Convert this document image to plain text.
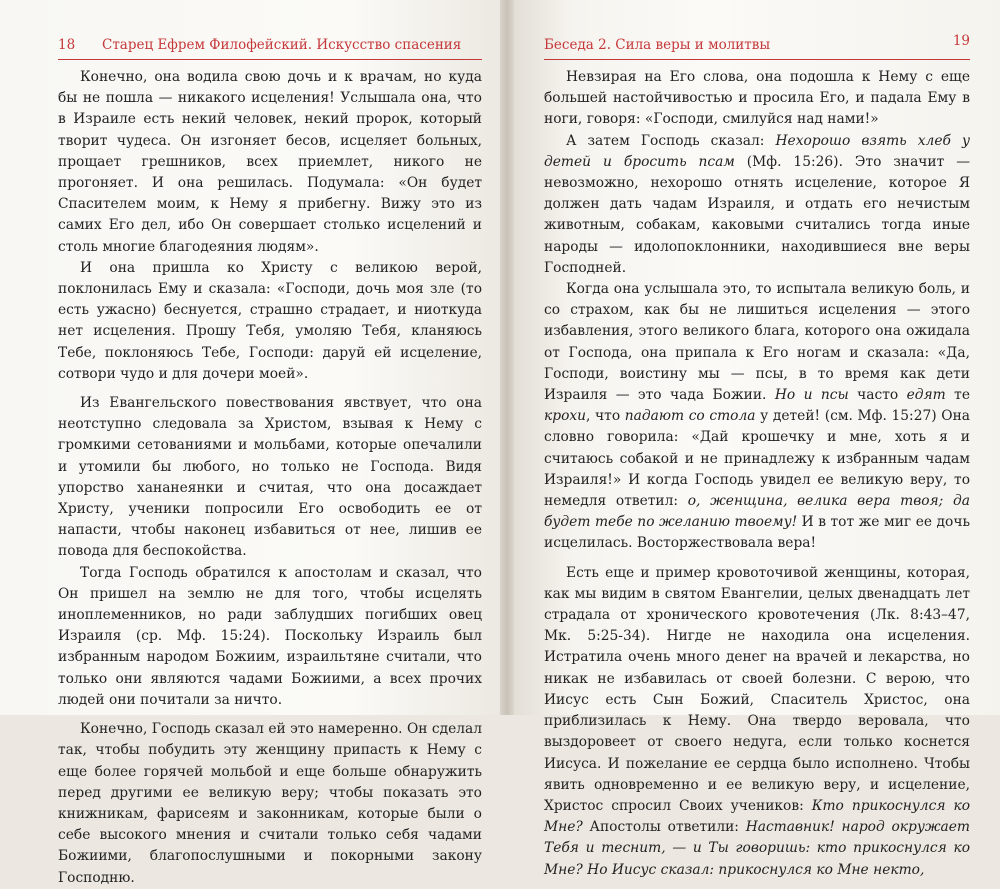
18 Старец Ефрем Филофейский. Искусство спасения

Конечно, она водила свою дочь и к врачам, но куда бы не пошла — никакого исцеления! Услышала она, что в Израиле есть некий человек, некий пророк, который творит чудеса. Он изгоняет бесов, исцеляет больных, прощает грешников, всех приемлет, никого не прогоняет. И она решилась. Подумала: «Он будет Спасителем моим, к Нему я прибегну. Вижу это из самих Его дел, ибо Он совершает столько исцелений и столь многие благодеяния людям».

И она пришла ко Христу с великою верой, поклонилась Ему и сказала: «Господи, дочь моя зле (то есть ужасно) беснуется, страшно страдает, и ниоткуда нет исцеления. Прошу Тебя, умоляю Тебя, кланяюсь Тебе, поклоняюсь Тебе, Господи: даруй ей исцеление, сотвори чудо и для дочери моей».

Из Евангельского повествования явствует, что она неотступно следовала за Христом, взывая к Нему с громкими сетованиями и мольбами, которые опечалили и утомили бы любого, но только не Господа. Видя упорство хананеянки и считая, что она досаждает Христу, ученики попросили Его освободить ее от напасти, чтобы наконец избавиться от нее, лишив ее повода для беспокойства.

Тогда Господь обратился к апостолам и сказал, что Он пришел на землю не для того, чтобы исцелять иноплеменников, но ради заблудших погибших овец Израиля (ср. Мф. 15:24). Поскольку Израиль был избранным народом Божиим, израильтяне считали, что только они являются чадами Божиими, а всех прочих людей они почитали за ничто.

Конечно, Господь сказал ей это намеренно. Он сделал так, чтобы побудить эту женщину припасть к Нему с еще более горячей мольбой и еще больше обнаружить перед другими ее великую веру; чтобы показать это книжникам, фарисеям и законникам, которые были о себе высокого мнения и считали только себя чадами Божиими, благопослушными и покорными закону Господню.

Беседа 2. Сила веры и молитвы	19

Невзирая на Его слова, она подошла к Нему с еще большей настойчивостью и просила Его, и падала Ему в ноги, говоря: «Господи, смилуйся над нами!»

А затем Господь сказал: Нехорошо взять хлеб у детей и бросить псам (Мф. 15:26). Это значит — невозможно, нехорошо отнять исцеление, которое Я должен дать чадам Израиля, и отдать его нечистым животным, собакам, каковыми считались тогда иные народы — идолопоклонники, находившиеся вне веры Господней.

Когда она услышала это, то испытала великую боль, и со страхом, как бы не лишиться исцеления — этого избавления, этого великого блага, которого она ожидала от Господа, она припала к Его ногам и сказала: «Да, Господи, воистину мы — псы, в то время как дети Израиля — это чада Божии. Но и псы часто едят те крохи, что падают со стола у детей! (см. Мф. 15:27) Она словно говорила: «Дай крошечку и мне, хоть я и считаюсь собакой и не принадлежу к избранным чадам Израиля!» И когда Господь увидел ее великую веру, то немедля ответил: о, женщина, велика вера твоя; да будет тебе по желанию твоему! И в тот же миг ее дочь исцелилась. Восторжествовала вера!

Есть еще и пример кровоточивой женщины, которая, как мы видим в святом Евангелии, целых двенадцать лет страдала от хронического кровотечения (Лк. 8:43–47, Мк. 5:25-34). Нигде не находила она исцеления. Истратила очень много денег на врачей и лекарства, но никак не избавилась от своей болезни. С верою, что Иисус есть Сын Божий, Спаситель Христос, она приблизилась к Нему. Она твердо веровала, что выздоровеет от своего недуга, если только коснется Иисуса. И пожелание ее сердца было исполнено. Чтобы явить одновременно и ее великую веру, и исцеление, Христос спросил Своих учеников: Кто прикоснулся ко Мне? Апостолы ответили: Наставник! народ окружает Тебя и теснит, — и Ты говоришь: кто прикоснулся ко Мне? Но Иисус сказал: прикоснулся ко Мне некто,
